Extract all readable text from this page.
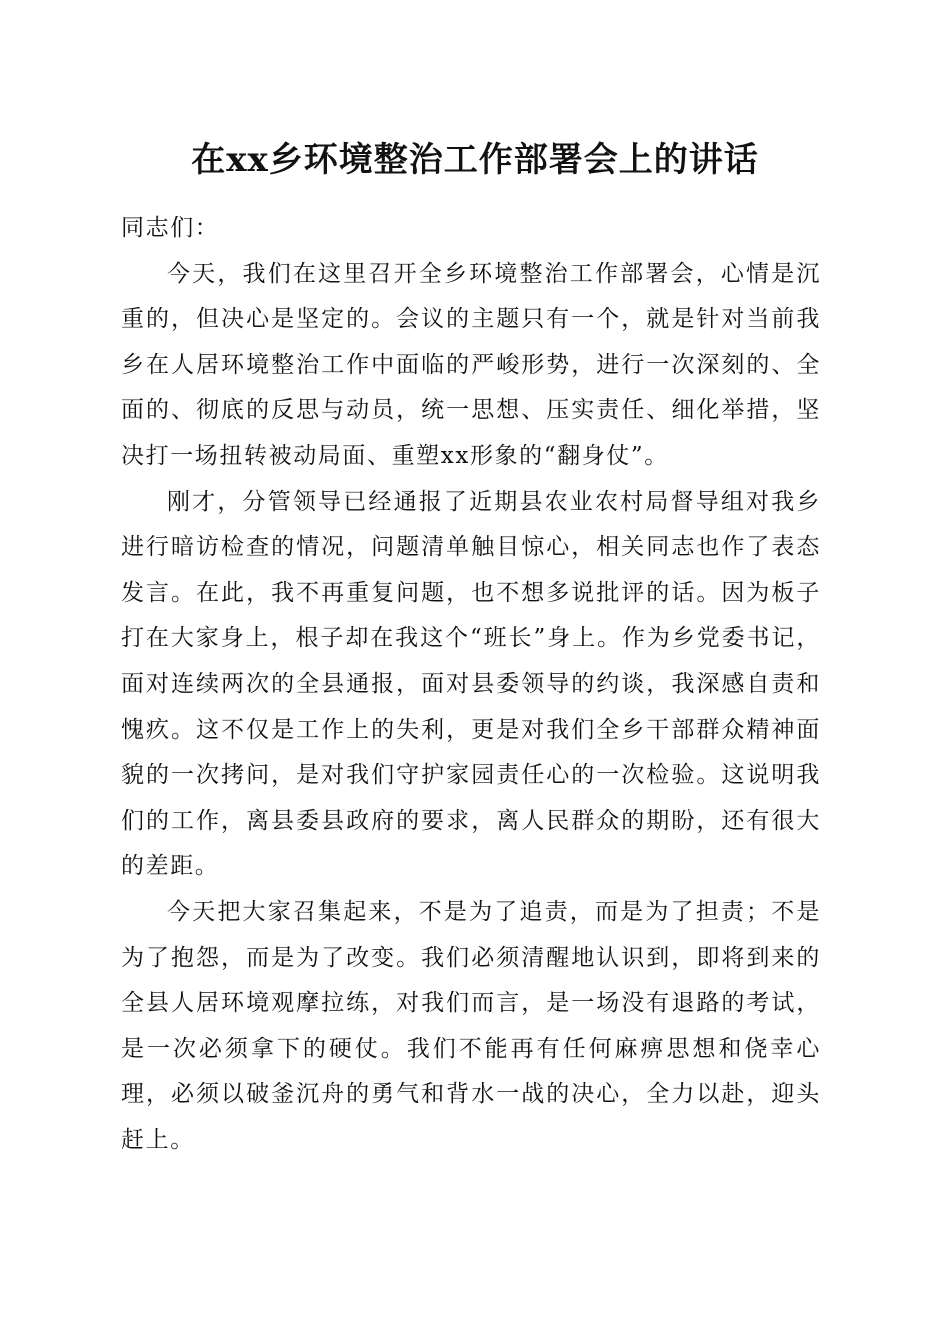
在xx乡环境整治工作部署会上的讲话

同志们：

今天，我们在这里召开全乡环境整治工作部署会，心情是沉重的，但决心是坚定的。会议的主题只有一个，就是针对当前我乡在人居环境整治工作中面临的严峻形势，进行一次深刻的、全面的、彻底的反思与动员，统一思想、压实责任、细化举措，坚决打一场扭转被动局面、重塑xx形象的“翻身仗”。

刚才，分管领导已经通报了近期县农业农村局督导组对我乡进行暗访检查的情况，问题清单触目惊心，相关同志也作了表态发言。在此，我不再重复问题，也不想多说批评的话。因为板子打在大家身上，根子却在我这个“班长”身上。作为乡党委书记，面对连续两次的全县通报，面对县委领导的约谈，我深感自责和愧疚。这不仅是工作上的失利，更是对我们全乡干部群众精神面貌的一次拷问，是对我们守护家园责任心的一次检验。这说明我们的工作，离县委县政府的要求，离人民群众的期盼，还有很大的差距。

今天把大家召集起来，不是为了追责，而是为了担责；不是为了抱怨，而是为了改变。我们必须清醒地认识到，即将到来的全县人居环境观摩拉练，对我们而言，是一场没有退路的考试，是一次必须拿下的硬仗。我们不能再有任何麻痹思想和侥幸心理，必须以破釜沉舟的勇气和背水一战的决心，全力以赴，迎头赶上。
